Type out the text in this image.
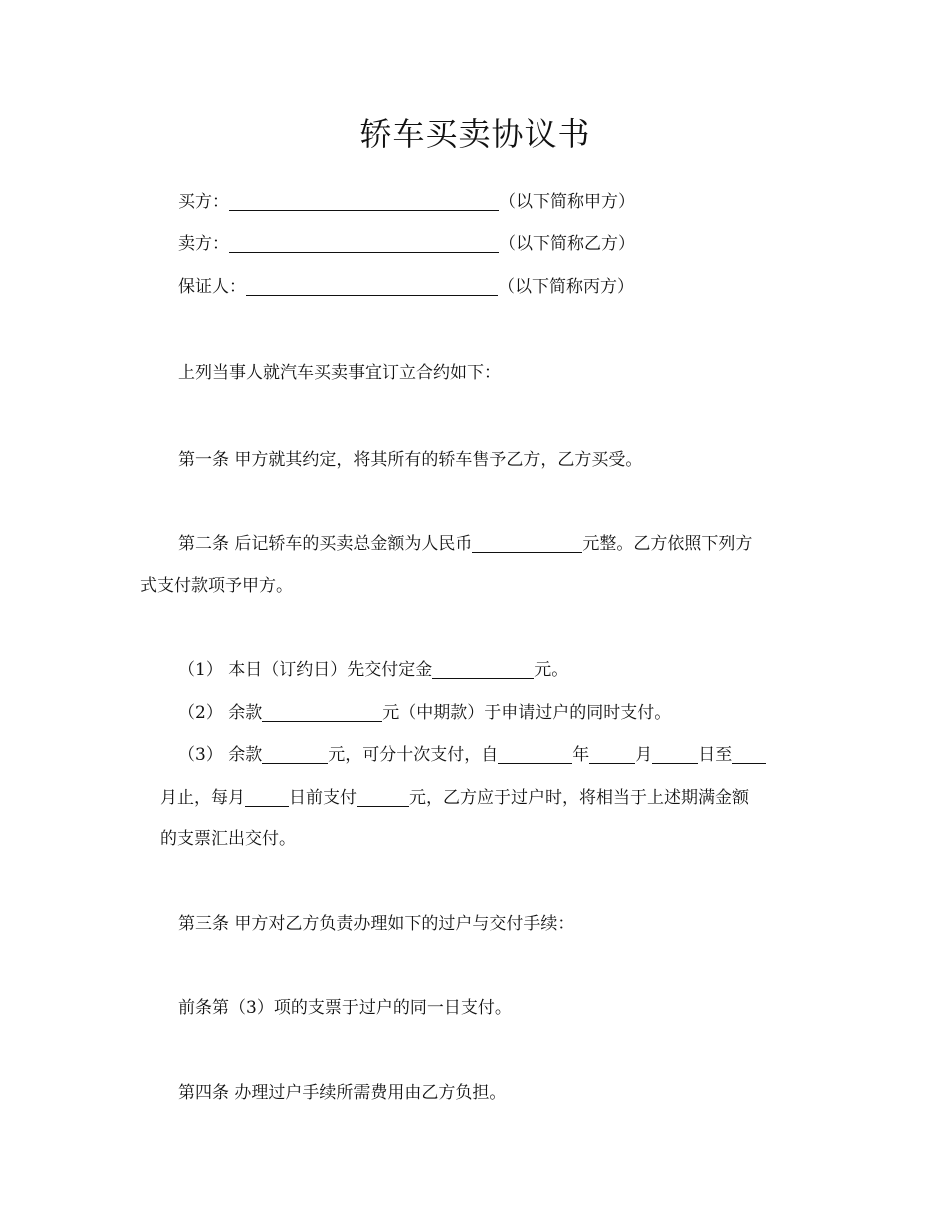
轿车买卖协议书
买方：	（以下简称甲方）
卖方：	（以下简称乙方）
保证人：	（以下简称丙方）
上列当事人就汽车买卖事宜订立合约如下：
第一条 甲方就其约定，将其所有的轿车售予乙方，乙方买受。
第二条 后记轿车的买卖总金额为人民币	元整。乙方依照下列方
式支付款项予甲方。
（1） 本日（订约日）先交付定金	元。
（2） 余款	元（中期款）于申请过户的同时支付。
（3） 余款	元，可分十次支付，自	年	月	日至
月止，每月	日前支付	元，乙方应于过户时，将相当于上述期满金额
的支票汇出交付。
第三条 甲方对乙方负责办理如下的过户与交付手续：
前条第（3）项的支票于过户的同一日支付。
第四条 办理过户手续所需费用由乙方负担。
